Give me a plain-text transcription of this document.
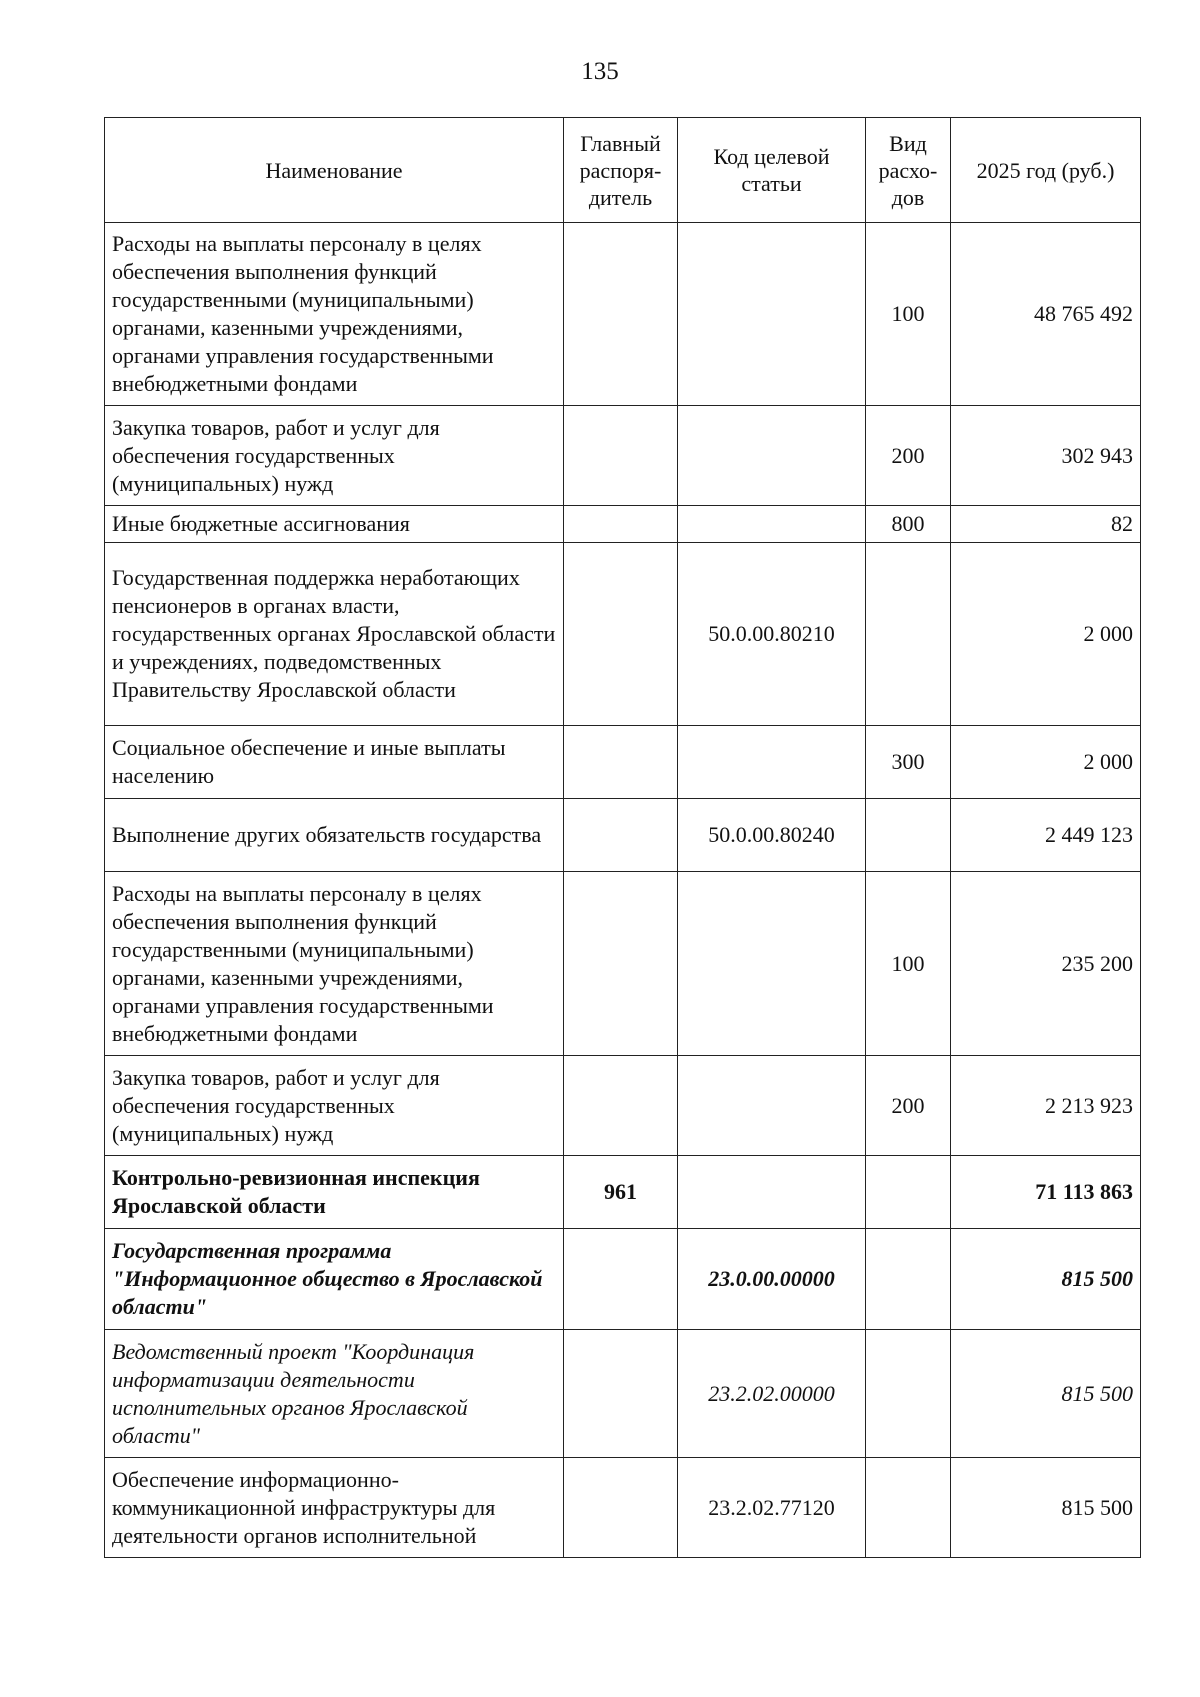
135
Наименование	Главный распоря-дитель	Код целевой статьи	Вид расхо-дов	2025 год (руб.)
Расходы на выплаты персоналу в целях обеспечения выполнения функций государственными (муниципальными) органами, казенными учреждениями, органами управления государственными внебюджетными фондами			100	48 765 492
Закупка товаров, работ и услуг для обеспечения государственных (муниципальных) нужд			200	302 943
Иные бюджетные ассигнования			800	82
Государственная поддержка неработающих пенсионеров в органах власти, государственных органах Ярославской области и учреждениях, подведомственных Правительству Ярославской области		50.0.00.80210		2 000
Социальное обеспечение и иные выплаты населению			300	2 000
Выполнение других обязательств государства		50.0.00.80240		2 449 123
Расходы на выплаты персоналу в целях обеспечения выполнения функций государственными (муниципальными) органами, казенными учреждениями, органами управления государственными внебюджетными фондами			100	235 200
Закупка товаров, работ и услуг для обеспечения государственных (муниципальных) нужд			200	2 213 923
Контрольно-ревизионная инспекция Ярославской области	961			71 113 863
Государственная программа "Информационное общество в Ярославской области"		23.0.00.00000		815 500
Ведомственный проект "Координация информатизации деятельности исполнительных органов Ярославской области"		23.2.02.00000		815 500
Обеспечение информационно-коммуникационной инфраструктуры для деятельности органов исполнительной		23.2.02.77120		815 500
